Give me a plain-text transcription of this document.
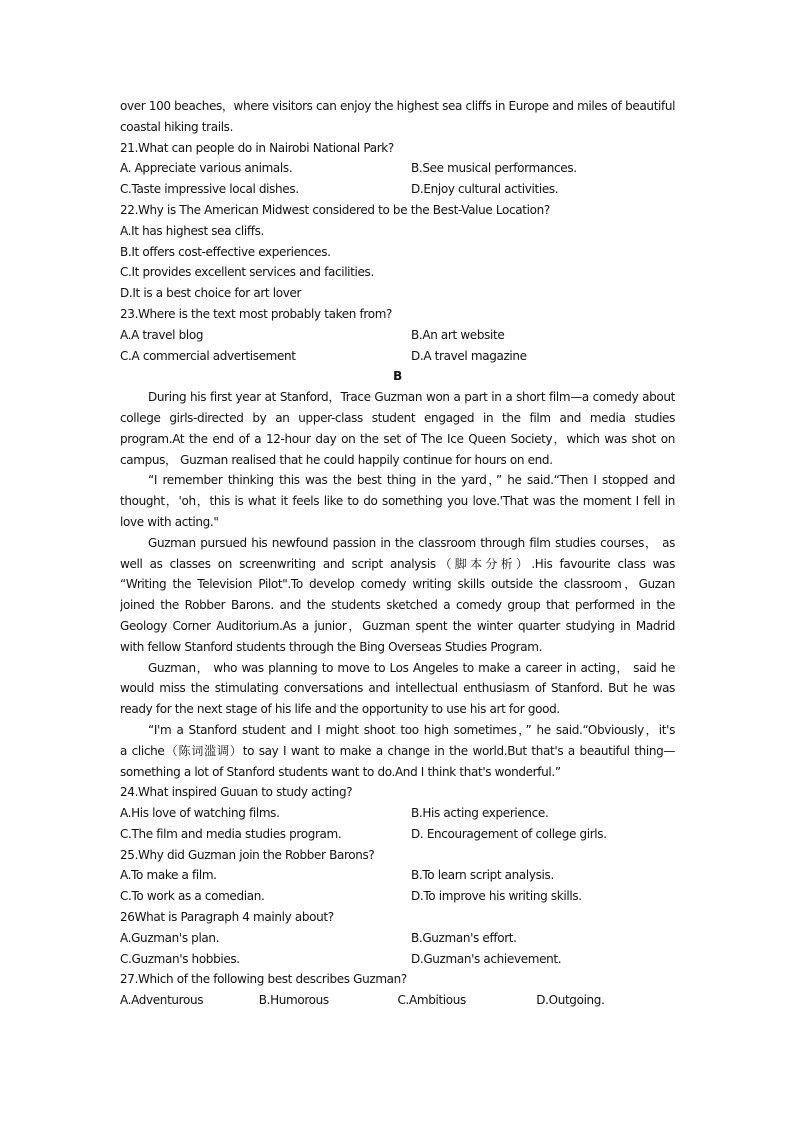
over 100 beaches，where visitors can enjoy the highest sea cliffs in Europe and miles of beautiful
coastal hiking trails.
21.What can people do in Nairobi National Park?
A. Appreciate various animals.	B.See musical performances.
C.Taste impressive local dishes.	D.Enjoy cultural activities.
22.Why is The American Midwest considered to be the Best-Value Location?
A.It has highest sea cliffs.
B.It offers cost-effective experiences.
C.It provides excellent services and facilities.
D.It is a best choice for art lover
23.Where is the text most probably taken from?
A.A travel blog	B.An art website
C.A commercial advertisement	D.A travel magazine
B
During his first year at Stanford，Trace Guzman won a part in a short film—a comedy about
college girls-directed by an upper-class student engaged in the film and media studies
program.At the end of a 12-hour day on the set of The Ice Queen Society，which was shot on
campus， Guzman realised that he could happily continue for hours on end.
“I remember thinking this was the best thing in the yard，” he said.“Then I stopped and
thought，'oh，this is what it feels like to do something you love.'That was the moment I fell in
love with acting."
Guzman pursued his newfound passion in the classroom through film studies courses， as
well as classes on screenwriting and script analysis（脚本分析）.His favourite class was
“Writing the Television Pilot".To develop comedy writing skills outside the classroom，Guzan
joined the Robber Barons. and the students sketched a comedy group that performed in the
Geology Corner Auditorium.As a junior，Guzman spent the winter quarter studying in Madrid
with fellow Stanford students through the Bing Overseas Studies Program.
Guzman， who was planning to move to Los Angeles to make a career in acting， said he
would miss the stimulating conversations and intellectual enthusiasm of Stanford. But he was
ready for the next stage of his life and the opportunity to use his art for good.
“I'm a Stanford student and I might shoot too high sometimes，” he said.“Obviously，it's
a cliche（陈词滥调）to say I want to make a change in the world.But that's a beautiful thing—
something a lot of Stanford students want to do.And I think that's wonderful.”
24.What inspired Guuan to study acting?
A.His love of watching films.	B.His acting experience.
C.The film and media studies program.	D. Encouragement of college girls.
25.Why did Guzman join the Robber Barons?
A.To make a film.	B.To learn script analysis.
C.To work as a comedian.	D.To improve his writing skills.
26What is Paragraph 4 mainly about?
A.Guzman's plan.	B.Guzman's effort.
C.Guzman's hobbies.	D.Guzman's achievement.
27.Which of the following best describes Guzman?
A.Adventurous	B.Humorous	C.Ambitious	D.Outgoing.
